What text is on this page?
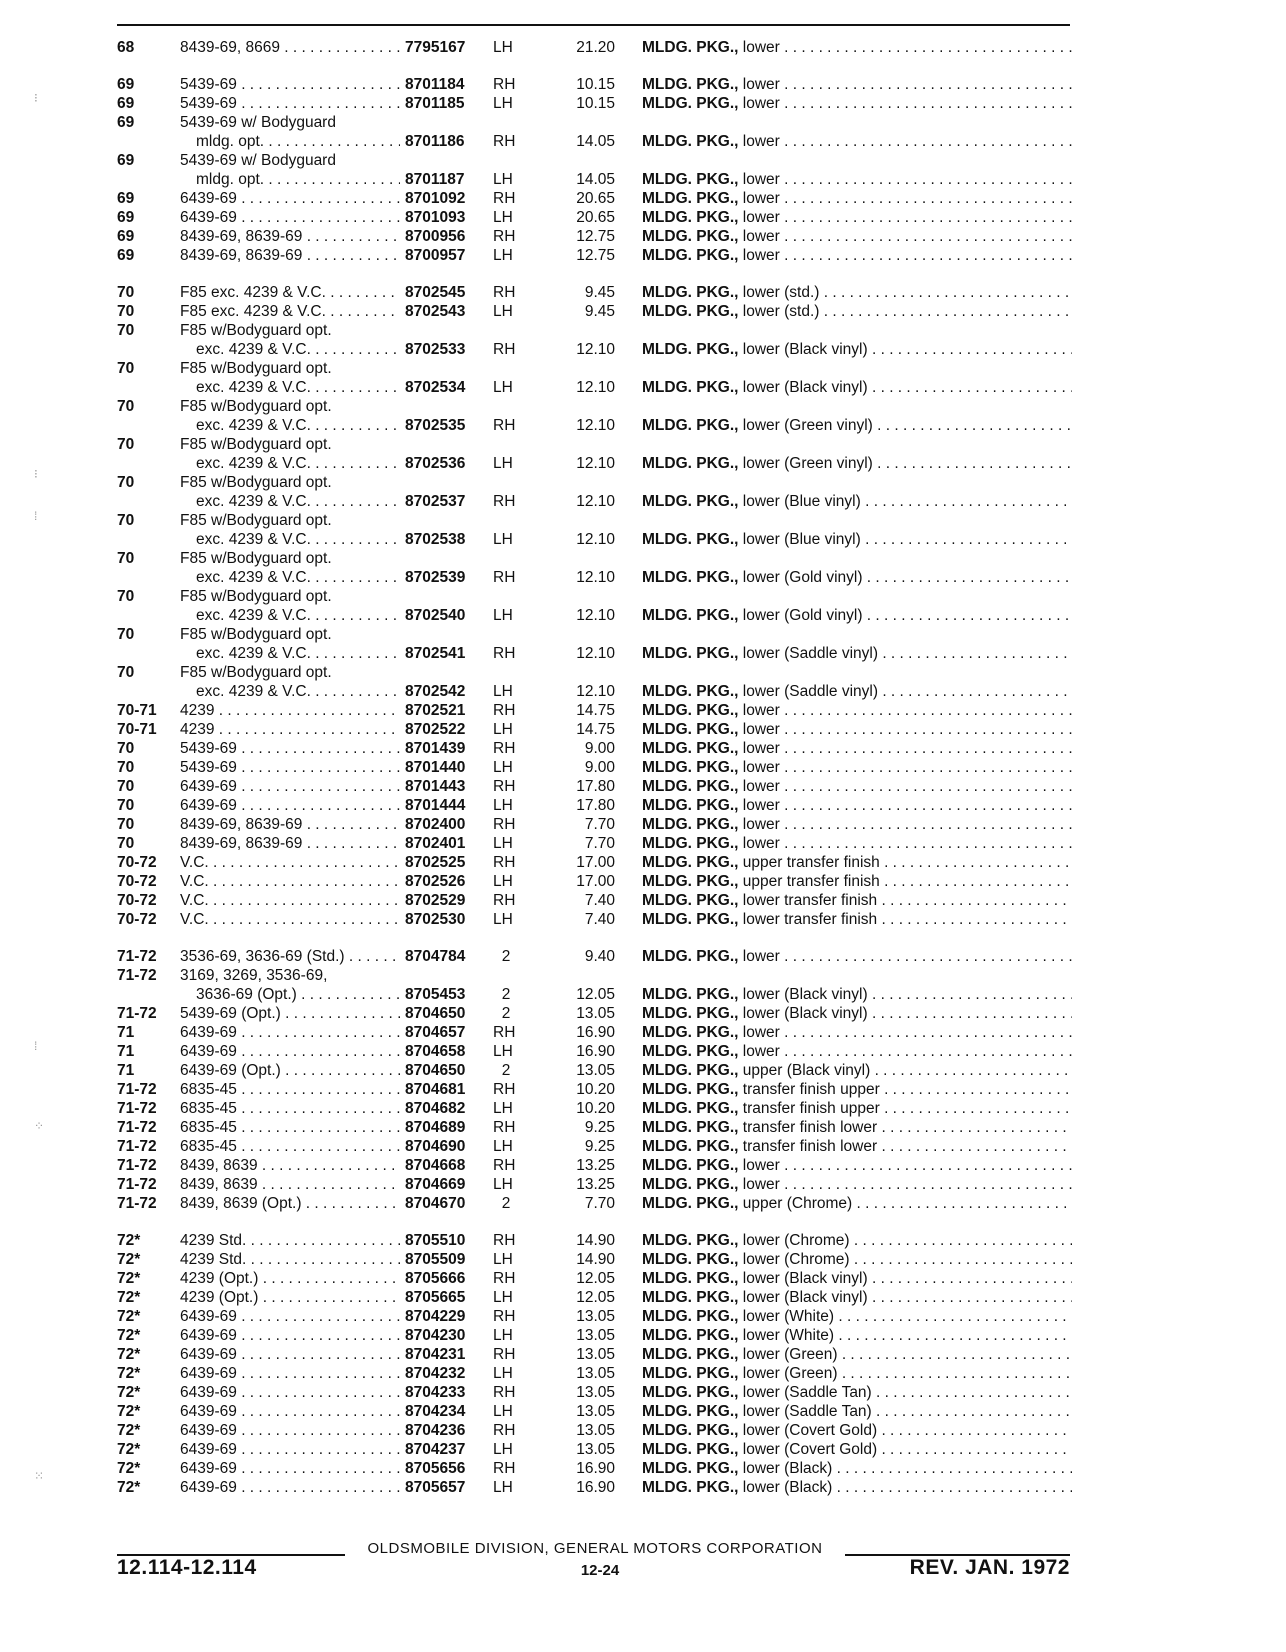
68	8439-69, 8669 . . .	7795167	LH	21.20 MLDG. PKG., lower . . .
69	5439-69 . . .	8701184	RH	10.15 MLDG. PKG., lower . . .
69	5439-69 . . .	8701185	LH	10.15 MLDG. PKG., lower . . .
69	5439-69 w/ Bodyguard
mldg. opt. . . .	8701186	RH	14.05 MLDG. PKG., lower . . .
69	5439-69 w/ Bodyguard
mldg. opt. . . .	8701187	LH	14.05 MLDG. PKG., lower . . .
69	6439-69 . . .	8701092	RH	20.65 MLDG. PKG., lower . . .
69	6439-69 . . .	8701093	LH	20.65 MLDG. PKG., lower . . .
69	8439-69, 8639-69 . . .	8700956	RH	12.75 MLDG. PKG., lower . . .
69	8439-69, 8639-69 . . .	8700957	LH	12.75 MLDG. PKG., lower . . .
70	F85 exc. 4239 & V.C. . . .	8702545	RH	9.45 MLDG. PKG., lower (std.) . . .
70	F85 exc. 4239 & V.C. . . .	8702543	LH	9.45 MLDG. PKG., lower (std.) . . .
70	F85 w/Bodyguard opt.
exc. 4239 & V.C. . . .	8702533	RH	12.10 MLDG. PKG., lower (Black vinyl) . . .
70	F85 w/Bodyguard opt.
exc. 4239 & V.C. . . .	8702534	LH	12.10 MLDG. PKG., lower (Black vinyl) . . .
70	F85 w/Bodyguard opt.
exc. 4239 & V.C. . . .	8702535	RH	12.10 MLDG. PKG., lower (Green vinyl) . . .
70	F85 w/Bodyguard opt.
exc. 4239 & V.C. . . .	8702536	LH	12.10 MLDG. PKG., lower (Green vinyl) . . .
70	F85 w/Bodyguard opt.
exc. 4239 & V.C. . . .	8702537	RH	12.10 MLDG. PKG., lower (Blue vinyl) . . .
70	F85 w/Bodyguard opt.
exc. 4239 & V.C. . . .	8702538	LH	12.10 MLDG. PKG., lower (Blue vinyl) . . .
70	F85 w/Bodyguard opt.
exc. 4239 & V.C. . . .	8702539	RH	12.10 MLDG. PKG., lower (Gold vinyl) . . .
70	F85 w/Bodyguard opt.
exc. 4239 & V.C. . . .	8702540	LH	12.10 MLDG. PKG., lower (Gold vinyl) . . .
70	F85 w/Bodyguard opt.
exc. 4239 & V.C. . . .	8702541	RH	12.10 MLDG. PKG., lower (Saddle vinyl) . . .
70	F85 w/Bodyguard opt.
exc. 4239 & V.C. . . .	8702542	LH	12.10 MLDG. PKG., lower (Saddle vinyl) . . .
70-71	4239 . . .	8702521	RH	14.75 MLDG. PKG., lower . . .
70-71	4239 . . .	8702522	LH	14.75 MLDG. PKG., lower . . .
70	5439-69 . . .	8701439	RH	9.00 MLDG. PKG., lower . . .
70	5439-69 . . .	8701440	LH	9.00 MLDG. PKG., lower . . .
70	6439-69 . . .	8701443	RH	17.80 MLDG. PKG., lower . . .
70	6439-69 . . .	8701444	LH	17.80 MLDG. PKG., lower . . .
70	8439-69, 8639-69 . . .	8702400	RH	7.70 MLDG. PKG., lower . . .
70	8439-69, 8639-69 . . .	8702401	LH	7.70 MLDG. PKG., lower . . .
70-72	V.C. . . .	8702525	RH	17.00 MLDG. PKG., upper transfer finish . . .
70-72	V.C. . . .	8702526	LH	17.00 MLDG. PKG., upper transfer finish . . .
70-72	V.C. . . .	8702529	RH	7.40 MLDG. PKG., lower transfer finish . . .
70-72	V.C. . . .	8702530	LH	7.40 MLDG. PKG., lower transfer finish . . .
71-72	3536-69, 3636-69 (Std.) . . .	8704784	2	9.40 MLDG. PKG., lower . . .
71-72	3169, 3269, 3536-69,
3636-69 (Opt.) . . .	8705453	2	12.05 MLDG. PKG., lower (Black vinyl) . . .
71-72	5439-69 (Opt.) . . .	8704650	2	13.05 MLDG. PKG., lower (Black vinyl) . . .
71	6439-69 . . .	8704657	RH	16.90 MLDG. PKG., lower . . .
71	6439-69 . . .	8704658	LH	16.90 MLDG. PKG., lower . . .
71	6439-69 (Opt.) . . .	8704650	2	13.05 MLDG. PKG., upper (Black vinyl) . . .
71-72	6835-45 . . .	8704681	RH	10.20 MLDG. PKG., transfer finish upper . . .
71-72	6835-45 . . .	8704682	LH	10.20 MLDG. PKG., transfer finish upper . . .
71-72	6835-45 . . .	8704689	RH	9.25 MLDG. PKG., transfer finish lower . . .
71-72	6835-45 . . .	8704690	LH	9.25 MLDG. PKG., transfer finish lower . . .
71-72	8439, 8639 . . .	8704668	RH	13.25 MLDG. PKG., lower . . .
71-72	8439, 8639 . . .	8704669	LH	13.25 MLDG. PKG., lower . . .
71-72	8439, 8639 (Opt.) . . .	8704670	2	7.70 MLDG. PKG., upper (Chrome) . . .
72*	4239 Std. . . .	8705510	RH	14.90 MLDG. PKG., lower (Chrome) . . .
72*	4239 Std. . . .	8705509	LH	14.90 MLDG. PKG., lower (Chrome) . . .
72*	4239 (Opt.) . . .	8705666	RH	12.05 MLDG. PKG., lower (Black vinyl) . . .
72*	4239 (Opt.) . . .	8705665	LH	12.05 MLDG. PKG., lower (Black vinyl) . . .
72*	6439-69 . . .	8704229	RH	13.05 MLDG. PKG., lower (White) . . .
72*	6439-69 . . .	8704230	LH	13.05 MLDG. PKG., lower (White) . . .
72*	6439-69 . . .	8704231	RH	13.05 MLDG. PKG., lower (Green) . . .
72*	6439-69 . . .	8704232	LH	13.05 MLDG. PKG., lower (Green) . . .
72*	6439-69 . . .	8704233	RH	13.05 MLDG. PKG., lower (Saddle Tan) . . .
72*	6439-69 . . .	8704234	LH	13.05 MLDG. PKG., lower (Saddle Tan) . . .
72*	6439-69 . . .	8704236	RH	13.05 MLDG. PKG., lower (Covert Gold) . . .
72*	6439-69 . . .	8704237	LH	13.05 MLDG. PKG., lower (Covert Gold) . . .
72*	6439-69 . . .	8705656	RH	16.90 MLDG. PKG., lower (Black) . . .
72*	6439-69 . . .	8705657	LH	16.90 MLDG. PKG., lower (Black) . . .
OLDSMOBILE DIVISION, GENERAL MOTORS CORPORATION
12.114-12.114	12-24	REV. JAN. 1972
⁝
⁝
⁞
⁞
⁘
⁙
